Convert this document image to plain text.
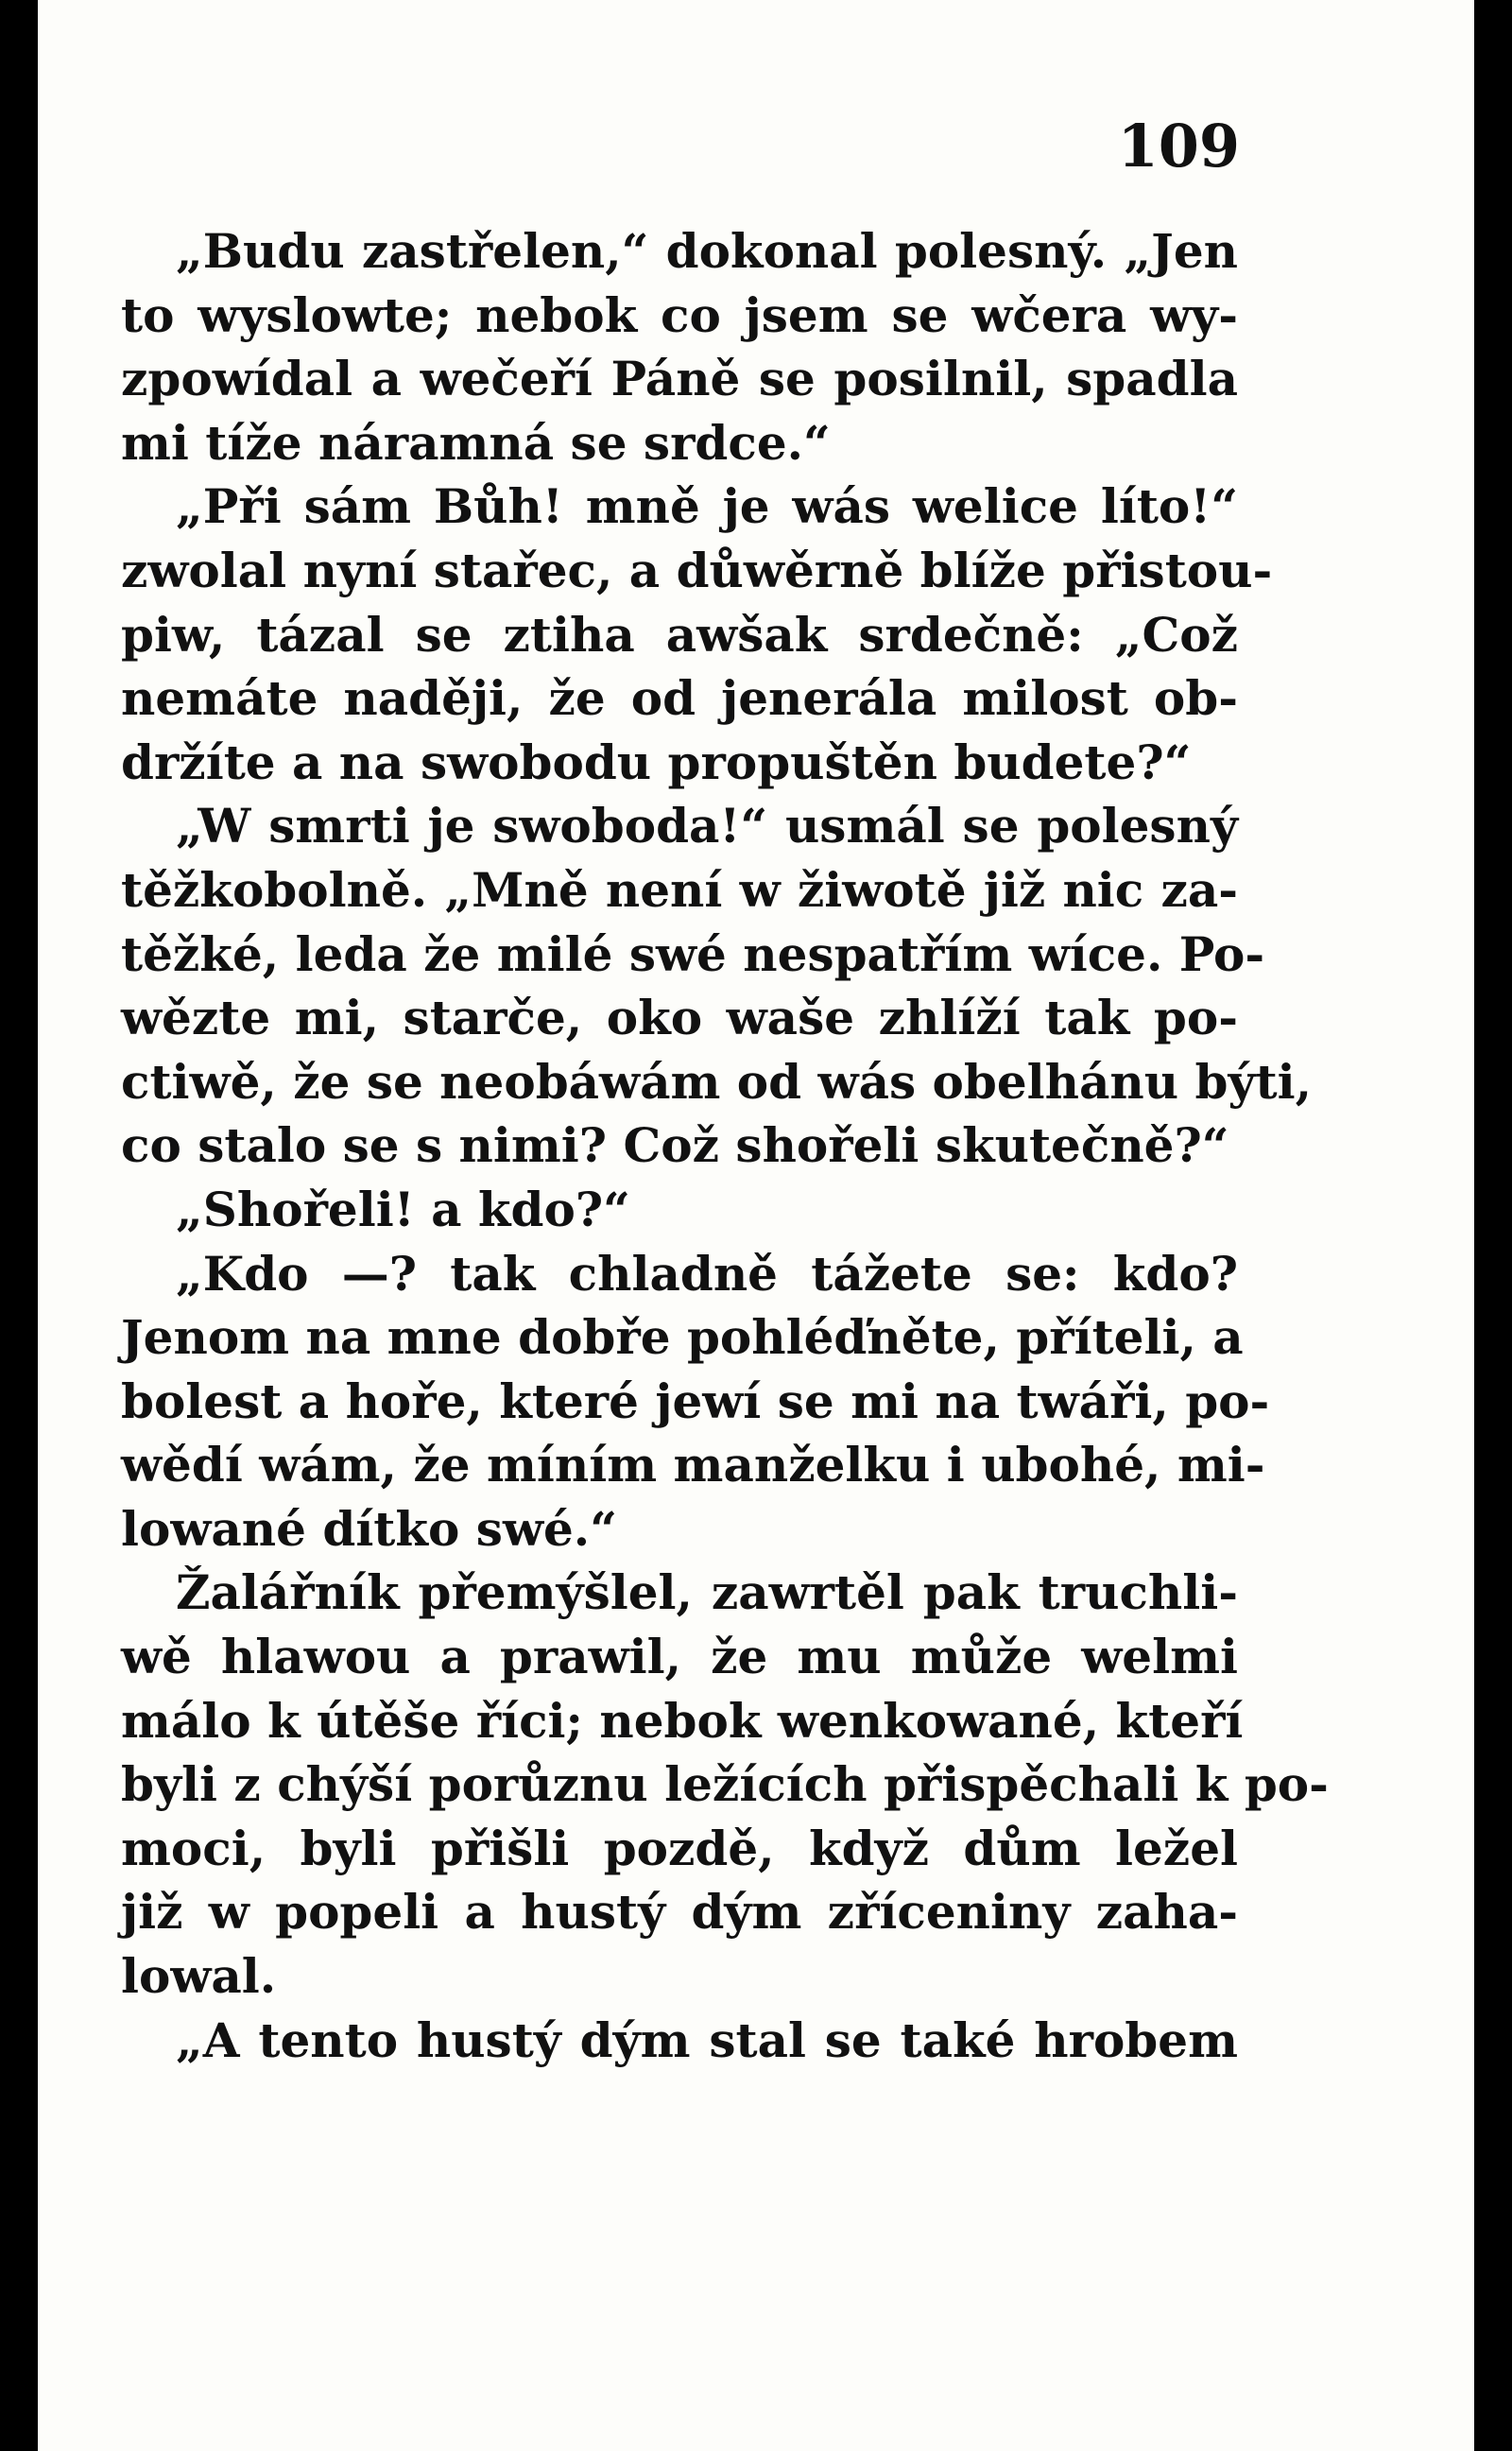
109
„Budu zastřelen,“ dokonal polesný. „Jen
to wyslowte; nebok co jsem se wčera wy-
zpowídal a wečeří Páně se posilnil, spadla
mi tíže náramná se srdce.“
„Při sám Bůh! mně je wás welice líto!“
zwolal nyní stařec, a důwěrně blíže přistou-
piw, tázal se ztiha awšak srdečně: „Což
nemáte naději, že od jenerála milost ob-
držíte a na swobodu propuštěn budete?“
„W smrti je swoboda!“ usmál se polesný
těžkobolně. „Mně není w žiwotě již nic za-
těžké, leda že milé swé nespatřím wíce. Po-
wězte mi, starče, oko waše zhlíží tak po-
ctiwě, že se neobáwám od wás obelhánu býti,
co stalo se s nimi? Což shořeli skutečně?“
„Shořeli! a kdo?“
„Kdo —? tak chladně tážete se: kdo?
Jenom na mne dobře pohléďněte, příteli, a
bolest a hoře, které jewí se mi na twáři, po-
wědí wám, že míním manželku i ubohé, mi-
lowané dítko swé.“
Žalářník přemýšlel, zawrtěl pak truchli-
wě hlawou a prawil, že mu může welmi
málo k útěše říci; nebok wenkowané, kteří
byli z chýší porůznu ležících přispěchali k po-
moci, byli přišli pozdě, když dům ležel
již w popeli a hustý dým zříceniny zaha-
lowal.
„A tento hustý dým stal se také hrobem
